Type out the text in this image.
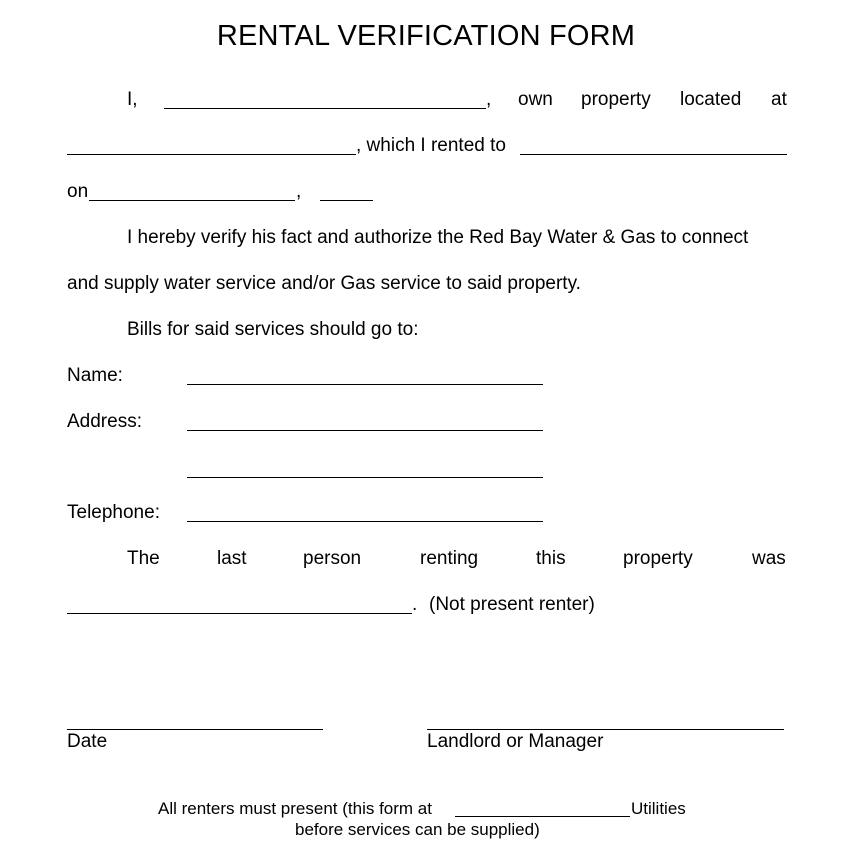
RENTAL VERIFICATION FORM
I,	, own property located at
, which I rented to
on	,
I hereby verify his fact and authorize the Red Bay Water & Gas to connect
and supply water service and/or Gas service to said property.
Bills for said services should go to:
Name:
Address:
Telephone:
The	last	person	renting	this	property	was
. (Not present renter)
Date	Landlord or Manager
All renters must present (this form at	Utilities
before services can be supplied)
